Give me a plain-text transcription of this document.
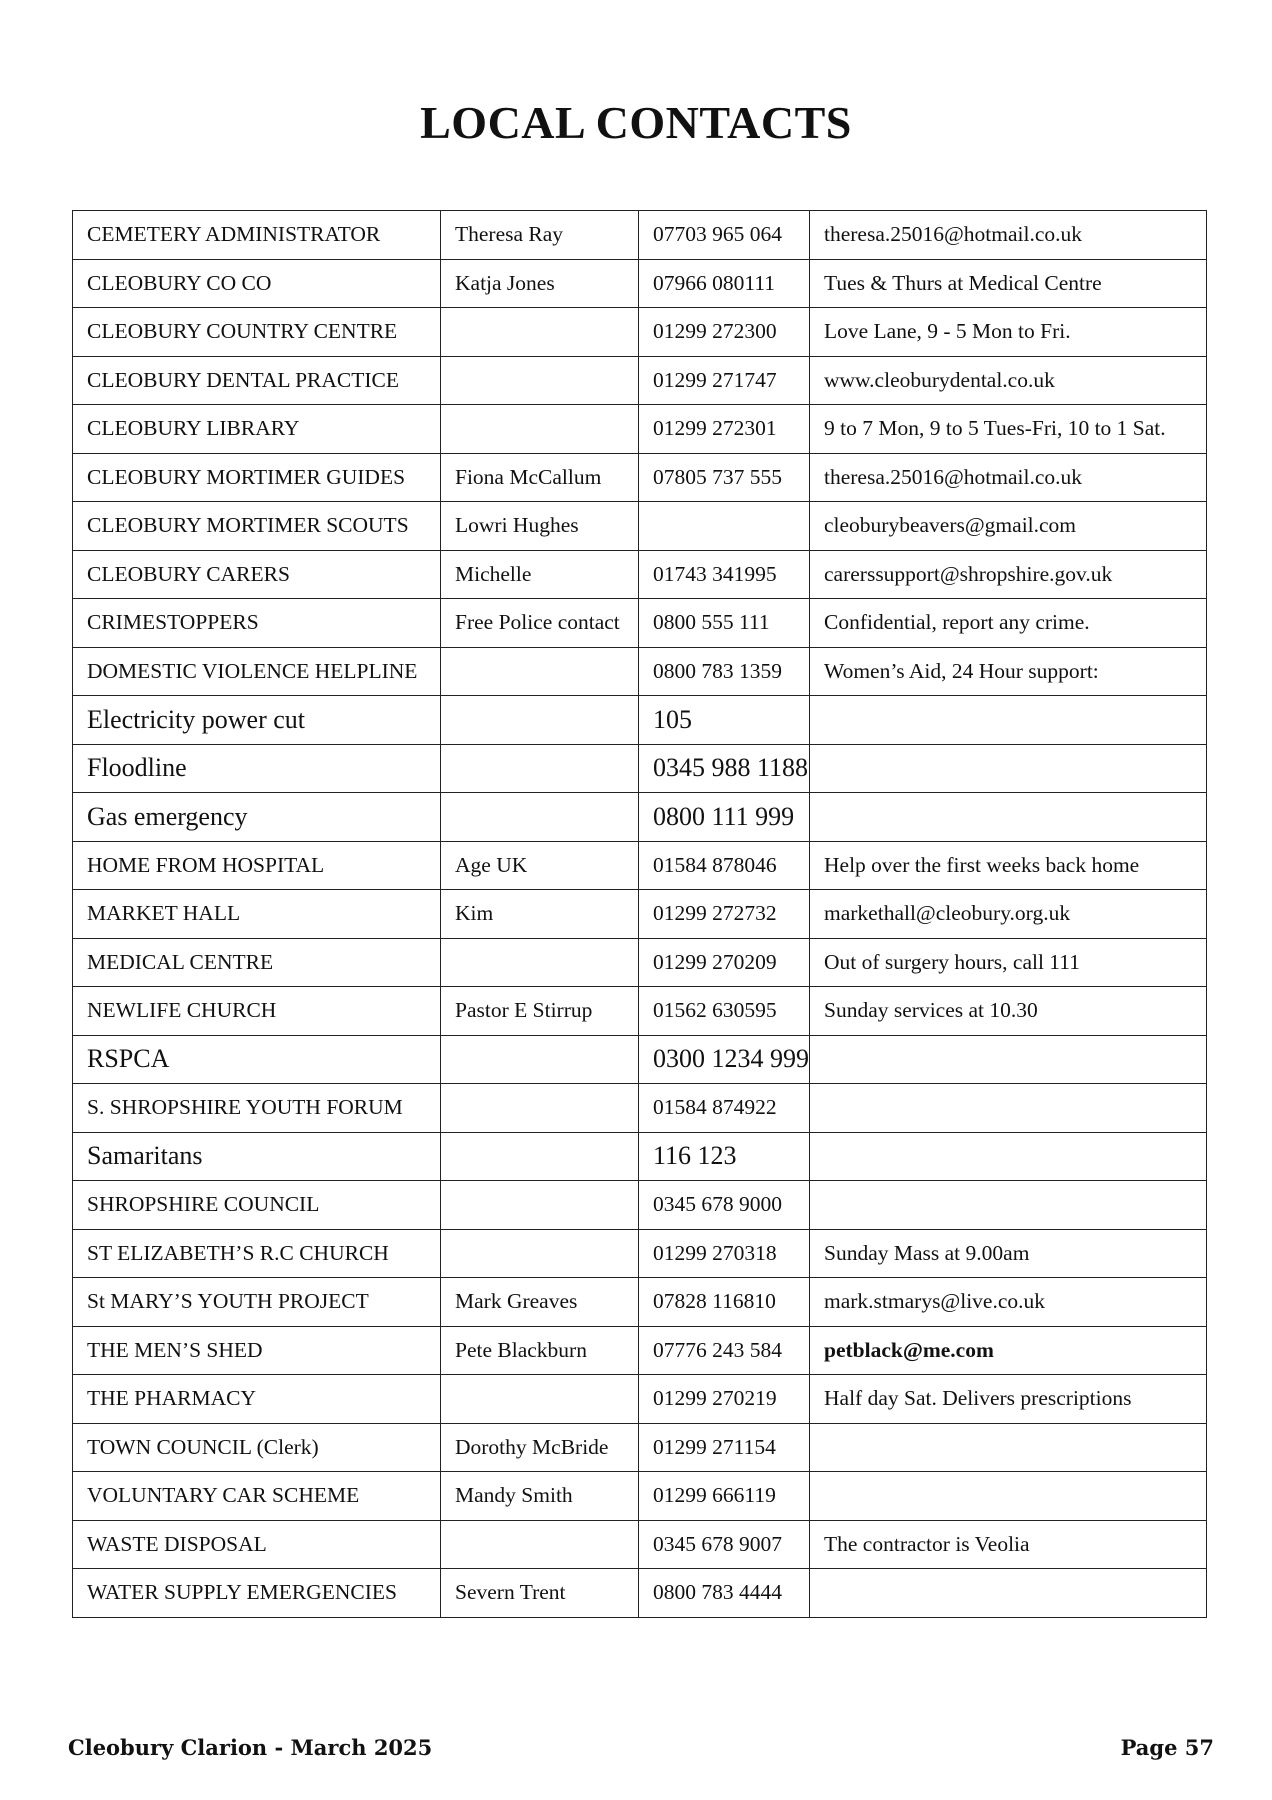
LOCAL CONTACTS
CEMETERY ADMINISTRATOR	Theresa Ray	07703 965 064	theresa.25016@hotmail.co.uk
CLEOBURY CO CO	Katja Jones	07966 080111	Tues & Thurs at Medical Centre
CLEOBURY COUNTRY CENTRE		01299 272300	Love Lane, 9 - 5 Mon to Fri.
CLEOBURY DENTAL PRACTICE		01299 271747	www.cleoburydental.co.uk
CLEOBURY LIBRARY		01299 272301	9 to 7 Mon, 9 to 5 Tues-Fri, 10 to 1 Sat.
CLEOBURY MORTIMER GUIDES	Fiona McCallum	07805 737 555	theresa.25016@hotmail.co.uk
CLEOBURY MORTIMER SCOUTS	Lowri Hughes		cleoburybeavers@gmail.com
CLEOBURY CARERS	Michelle	01743 341995	carerssupport@shropshire.gov.uk
CRIMESTOPPERS	Free Police contact	0800 555 111	Confidential, report any crime.
DOMESTIC VIOLENCE HELPLINE		0800 783 1359	Women’s Aid, 24 Hour support:
Electricity power cut		105	
Floodline		0345 988 1188	
Gas emergency		0800 111 999	
HOME FROM HOSPITAL	Age UK	01584 878046	Help over the first weeks back home
MARKET HALL	Kim	01299 272732	markethall@cleobury.org.uk
MEDICAL CENTRE		01299 270209	Out of surgery hours, call 111
NEWLIFE CHURCH	Pastor E Stirrup	01562 630595	Sunday services at 10.30
RSPCA		0300 1234 999	
S. SHROPSHIRE YOUTH FORUM		01584 874922	
Samaritans		116 123	
SHROPSHIRE COUNCIL		0345 678 9000	
ST ELIZABETH’S R.C CHURCH		01299 270318	Sunday Mass at 9.00am
St MARY’S YOUTH PROJECT	Mark Greaves	07828 116810	mark.stmarys@live.co.uk
THE MEN’S SHED	Pete Blackburn	07776 243 584	petblack@me.com
THE PHARMACY		01299 270219	Half day Sat. Delivers prescriptions
TOWN COUNCIL (Clerk)	Dorothy McBride	01299 271154	
VOLUNTARY CAR SCHEME	Mandy Smith	01299 666119	
WASTE DISPOSAL		0345 678 9007	The contractor is Veolia
WATER SUPPLY EMERGENCIES	Severn Trent	0800 783 4444	
Cleobury Clarion - March 2025	Page 57
